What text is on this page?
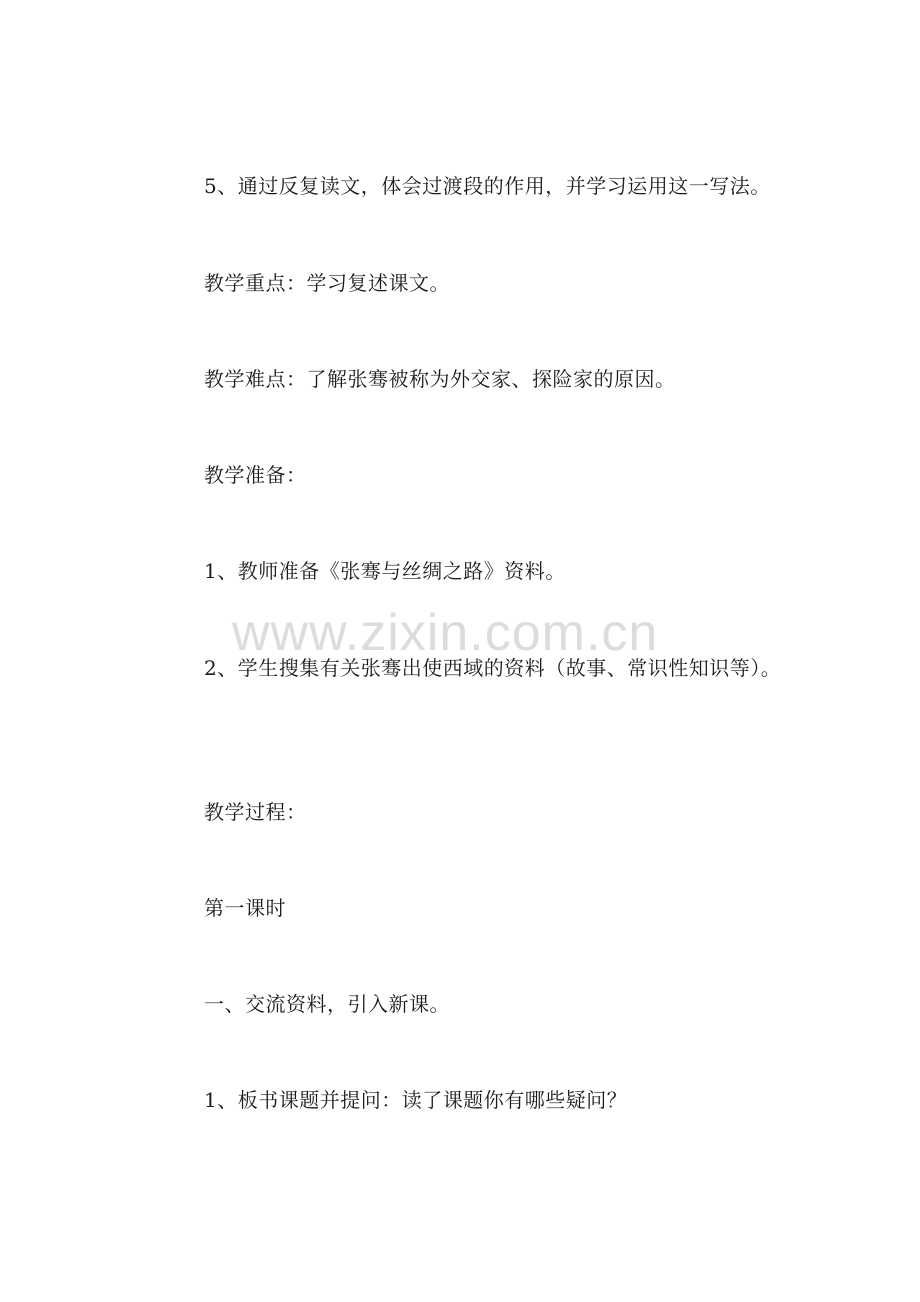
5、通过反复读文，体会过渡段的作用，并学习运用这一写法。

教学重点：学习复述课文。

教学难点：了解张骞被称为外交家、探险家的原因。

教学准备：

1、教师准备《张骞与丝绸之路》资料。

2、学生搜集有关张骞出使西域的资料（故事、常识性知识等）。

教学过程：

第一课时

一、交流资料，引入新课。

1、板书课题并提问：读了课题你有哪些疑问？

www.zixin.com.cn
